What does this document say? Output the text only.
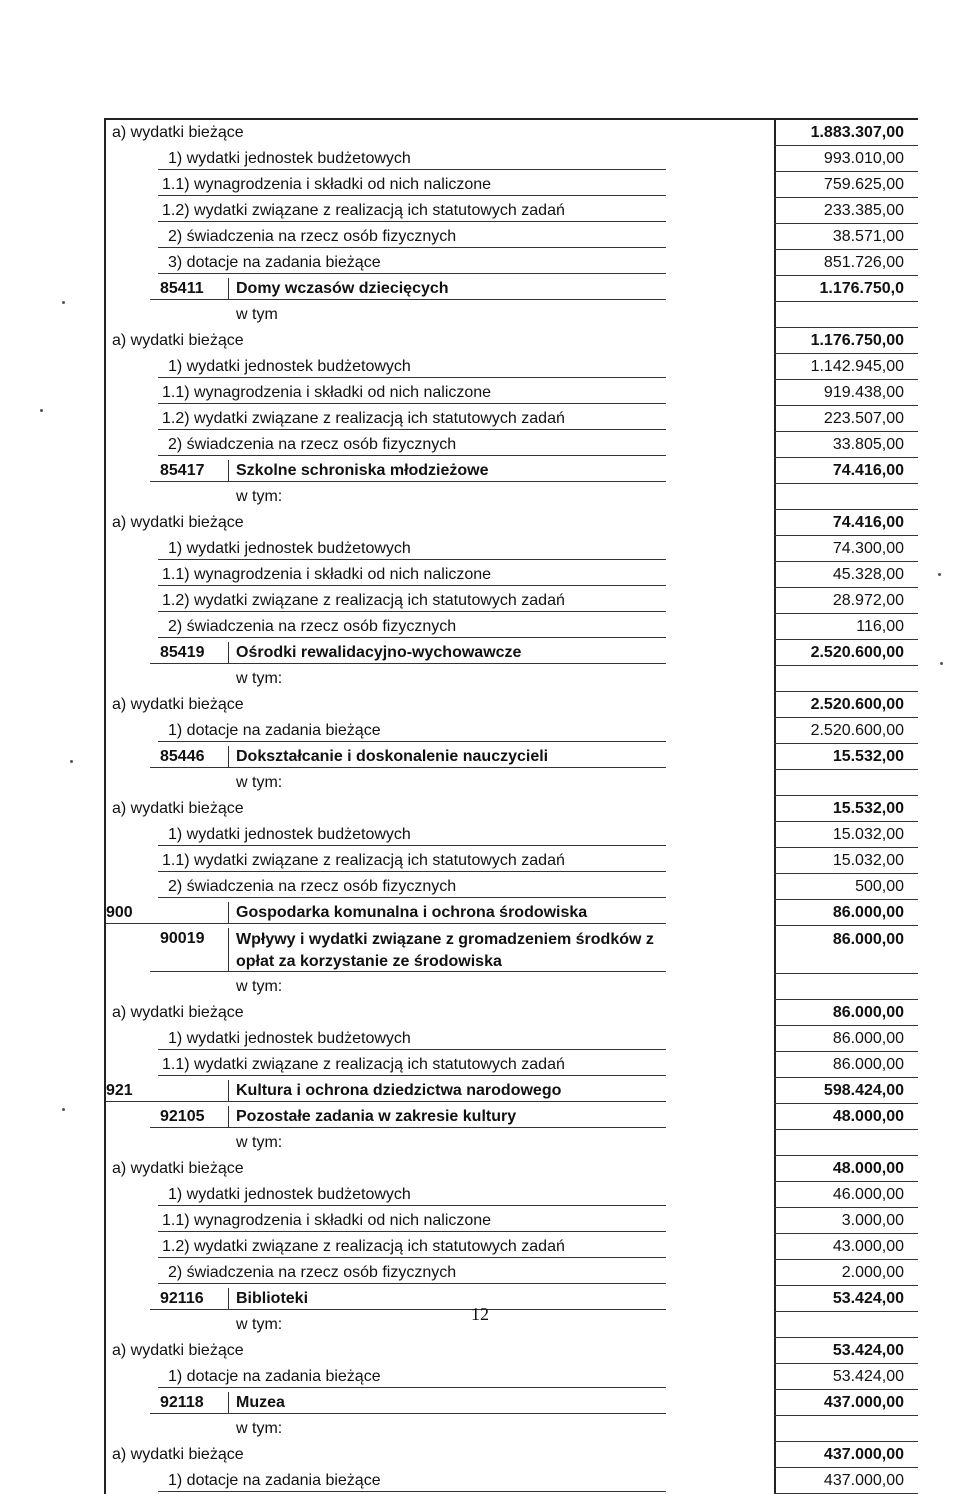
a) wydatki bieżące	1.883.307,00
1) wydatki jednostek budżetowych	993.010,00
1.1) wynagrodzenia i składki od nich naliczone	759.625,00
1.2) wydatki związane z realizacją ich statutowych zadań	233.385,00
2) świadczenia na rzecz osób fizycznych	38.571,00
3) dotacje na zadania bieżące	851.726,00
85411 Domy wczasów dziecięcych	1.176.750,0
w tym
a) wydatki bieżące	1.176.750,00
1) wydatki jednostek budżetowych	1.142.945,00
1.1) wynagrodzenia i składki od nich naliczone	919.438,00
1.2) wydatki związane z realizacją ich statutowych zadań	223.507,00
2) świadczenia na rzecz osób fizycznych	33.805,00
85417 Szkolne schroniska młodzieżowe	74.416,00
w tym:
a) wydatki bieżące	74.416,00
1) wydatki jednostek budżetowych	74.300,00
1.1) wynagrodzenia i składki od nich naliczone	45.328,00
1.2) wydatki związane z realizacją ich statutowych zadań	28.972,00
2) świadczenia na rzecz osób fizycznych	116,00
85419 Ośrodki rewalidacyjno-wychowawcze	2.520.600,00
w tym:
a) wydatki bieżące	2.520.600,00
1) dotacje na zadania bieżące	2.520.600,00
85446 Dokształcanie i doskonalenie nauczycieli	15.532,00
w tym:
a) wydatki bieżące	15.532,00
1) wydatki jednostek budżetowych	15.032,00
1.1) wydatki związane z realizacją ich statutowych zadań	15.032,00
2) świadczenia na rzecz osób fizycznych	500,00
900	Gospodarka komunalna i ochrona środowiska	86.000,00
90019 Wpływy i wydatki związane z gromadzeniem środków z opłat za korzystanie ze środowiska
86.000,00
w tym:
a) wydatki bieżące	86.000,00
1) wydatki jednostek budżetowych	86.000,00
1.1) wydatki związane z realizacją ich statutowych zadań	86.000,00
921	Kultura i ochrona dziedzictwa narodowego	598.424,00
92105 Pozostałe zadania w zakresie kultury	48.000,00
w tym:
a) wydatki bieżące	48.000,00
1) wydatki jednostek budżetowych	46.000,00
1.1) wynagrodzenia i składki od nich naliczone	3.000,00
1.2) wydatki związane z realizacją ich statutowych zadań	43.000,00
2) świadczenia na rzecz osób fizycznych	2.000,00
92116 Biblioteki	53.424,00
w tym:
a) wydatki bieżące	53.424,00
1) dotacje na zadania bieżące	53.424,00
92118 Muzea	437.000,00
w tym:
a) wydatki bieżące	437.000,00
1) dotacje na zadania bieżące	437.000,00
12
